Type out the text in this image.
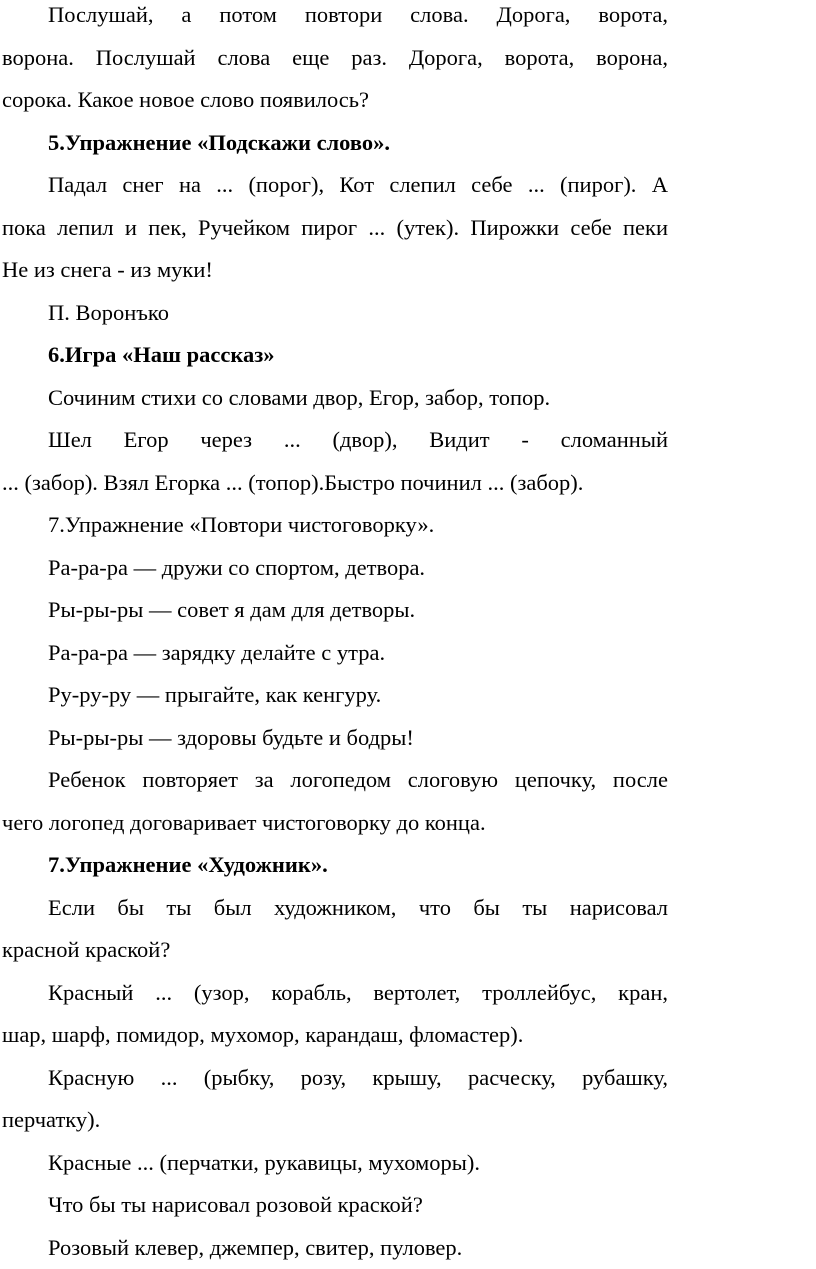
Послушай, а потом повтори слова. Дорога, ворота,
ворона. Послушай слова еще раз. Дорога, ворота, ворона,
сорока. Какое новое слово появилось?
5.Упражнение «Подскажи слово».
Падал снег на ... (порог), Кот слепил себе ... (пирог). А
пока лепил и пек, Ручейком пирог ... (утек). Пирожки себе пеки
Не из снега - из муки!
П. Воронъко
6.Игра «Наш рассказ»
Сочиним стихи со словами двор, Егор, забор, топор.
Шел Егор через ... (двор), Видит - сломанный
... (забор). Взял Егорка ... (топор).Быстро починил ... (забор).
7.Упражнение «Повтори чистоговорку».
Ра-ра-ра — дружи со спортом, детвора.
Ры-ры-ры — совет я дам для детворы.
Ра-ра-ра — зарядку делайте с утра.
Ру-ру-ру — прыгайте, как кенгуру.
Ры-ры-ры — здоровы будьте и бодры!
Ребенок повторяет за логопедом слоговую цепочку, после
чего логопед договаривает чистоговорку до конца.
7.Упражнение «Художник».
Если бы ты был художником, что бы ты нарисовал
красной краской?
Красный ... (узор, корабль, вертолет, троллейбус, кран,
шар, шарф, помидор, мухомор, карандаш, фломастер).
Красную ... (рыбку, розу, крышу, расческу, рубашку,
перчатку).
Красные ... (перчатки, рукавицы, мухоморы).
Что бы ты нарисовал розовой краской?
Розовый клевер, джемпер, свитер, пуловер.
